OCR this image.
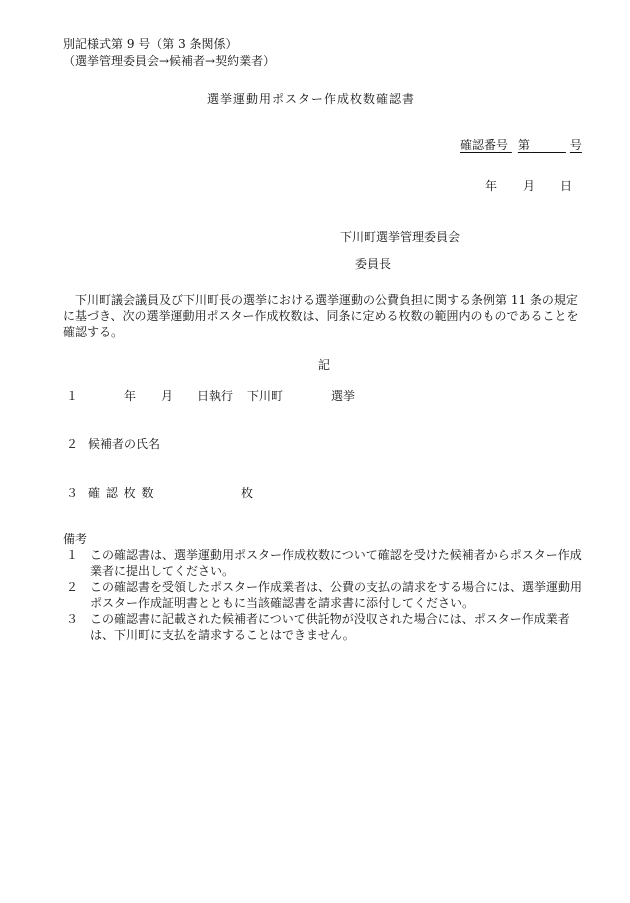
別記様式第 9 号（第 3 条関係）
（選挙管理委員会→候補者→契約業者）
選挙運動用ポスター作成枚数確認書
確認番号 第　　　	号
年 月 日
下川町選挙管理委員会
委員長
下川町議会議員及び下川町長の選挙における選挙運動の公費負担に関する条例第 11 条の規定に基づき、次の選挙運動用ポスター作成枚数は、同条に定める枚数の範囲内のものであることを確認する。
記
１	年 月 日執行 下川町	選挙
２ 候補者の氏名
３ 確 認 枚 数	枚
備考
１ この確認書は、選挙運動用ポスター作成枚数について確認を受けた候補者からポスター作成業者に提出してください。
２ この確認書を受領したポスター作成業者は、公費の支払の請求をする場合には、選挙運動用ポスター作成証明書とともに当該確認書を請求書に添付してください。
３ この確認書に記載された候補者について供託物が没収された場合には、ポスター作成業者は、下川町に支払を請求することはできません。
